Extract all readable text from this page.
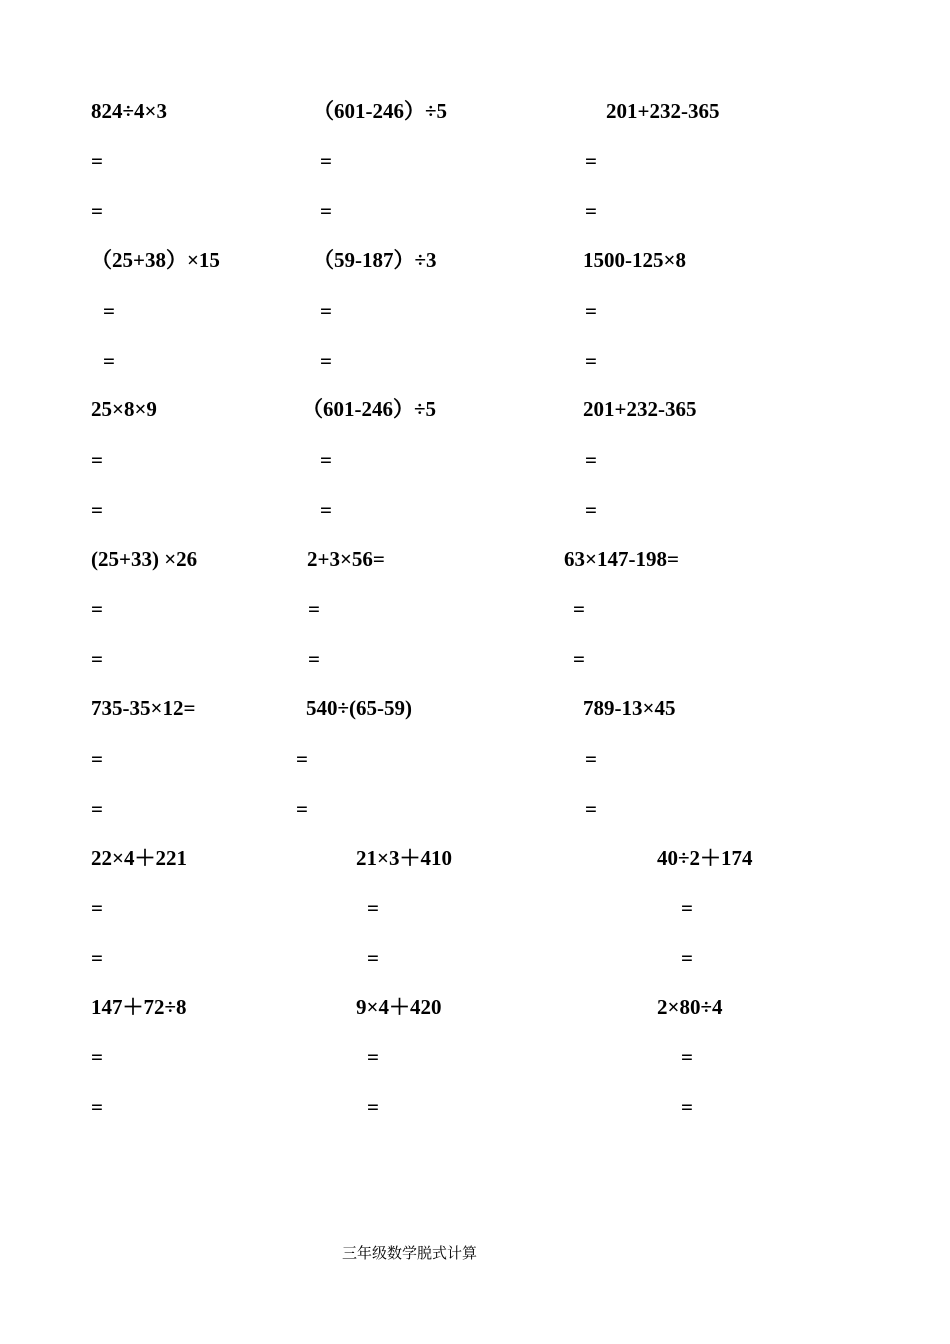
824÷4×3
=
=
（601-246）÷5
=
=
201+232-365
=
=
（25+38）×15
=
=
（59-187）÷3
=
=
1500-125×8
=
=
25×8×9
=
=
（601-246）÷5
=
=
201+232-365
=
=
(25+33) ×26
=
=
2+3×56=
=
=
63×147-198=
=
=
735-35×12=
=
=
540÷(65-59)
=
=
789-13×45
=
=
22×4＋221
=
=
21×3＋410
=
=
40÷2＋174
=
=
147＋72÷8
=
=
9×4＋420
=
=
2×80÷4
=
=
三年级数学脱式计算
